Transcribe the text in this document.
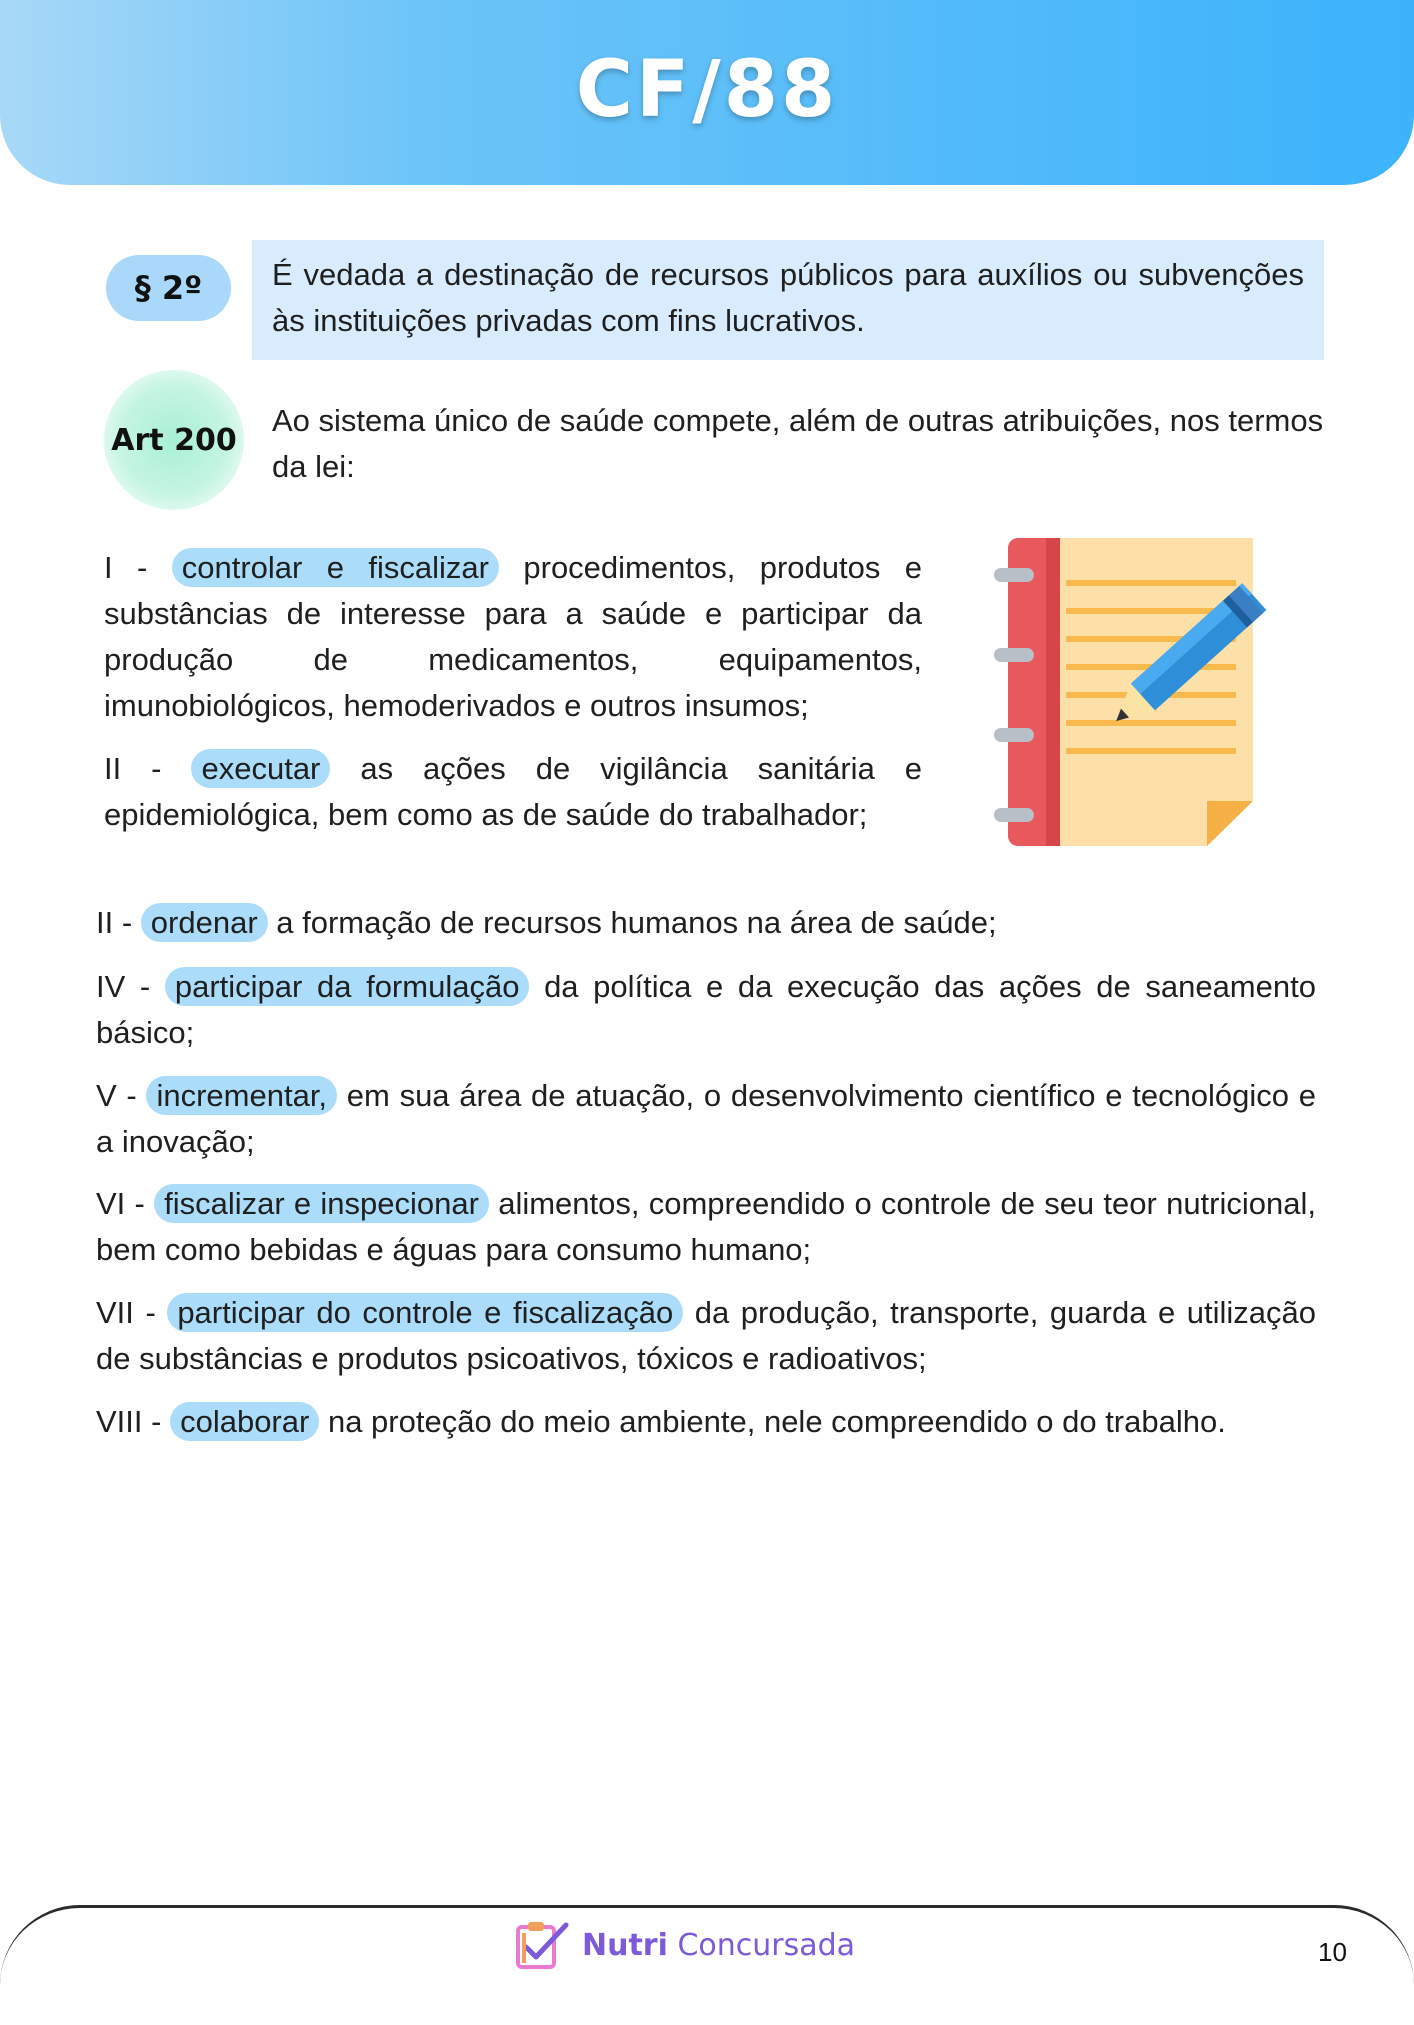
CF/88
§ 2º	É vedada a destinação de recursos públicos para auxílios ou subvenções às instituições privadas com fins lucrativos.
Art 200
Ao sistema único de saúde compete, além de outras atribuições, nos termos da lei:
I - controlar e fiscalizar procedimentos, produtos e substâncias de interesse para a saúde e participar da produção de medicamentos, equipamentos, imunobiológicos, hemoderivados e outros insumos;
II - executar as ações de vigilância sanitária e epidemiológica, bem como as de saúde do trabalhador;
II - ordenar a formação de recursos humanos na área de saúde;
IV - participar da formulação da política e da execução das ações de saneamento básico;
V - incrementar, em sua área de atuação, o desenvolvimento científico e tecnológico e a inovação;
VI - fiscalizar e inspecionar alimentos, compreendido o controle de seu teor nutricional, bem como bebidas e águas para consumo humano;
VII - participar do controle e fiscalização da produção, transporte, guarda e utilização de substâncias e produtos psicoativos, tóxicos e radioativos;
VIII - colaborar na proteção do meio ambiente, nele compreendido o do trabalho.
Nutri Concursada	10
